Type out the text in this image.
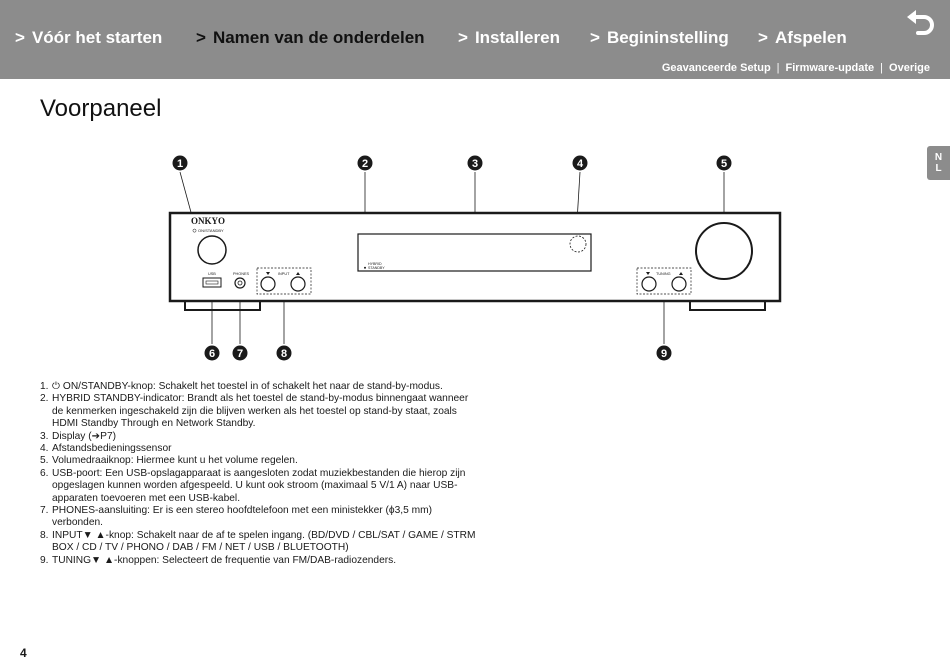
> Vóór het starten > Namen van de onderdelen > Installeren > Begininstelling > Afspelen
Geavanceerde Setup | Firmware-update | Overige
Voorpaneel
N
L
ONKYO
ON/STANDBY
HYBRID
STANDBY
USB	PHONES	INPUT	TUNING
1	2	3	4	5
6 7	8	9
1. ⏻ ON/STANDBY-knop: Schakelt het toestel in of schakelt het naar de stand-by-modus.
2. HYBRID STANDBY-indicator: Brandt als het toestel de stand-by-modus binnengaat wanneer de kenmerken ingeschakeld zijn die blijven werken als het toestel op stand-by staat, zoals HDMI Standby Through en Network Standby.
3. Display (➔P7)
4. Afstandsbedieningssensor
5. Volumedraaiknop: Hiermee kunt u het volume regelen.
6. USB-poort: Een USB-opslagapparaat is aangesloten zodat muziekbestanden die hierop zijn opgeslagen kunnen worden afgespeeld. U kunt ook stroom (maximaal 5 V/1 A) naar USB-apparaten toevoeren met een USB-kabel.
7. PHONES-aansluiting: Er is een stereo hoofdtelefoon met een ministekker (ϕ3,5 mm) verbonden.
8. INPUT▼ ▲-knop: Schakelt naar de af te spelen ingang. (BD/DVD / CBL/SAT / GAME / STRM BOX / CD / TV / PHONO / DAB / FM / NET / USB / BLUETOOTH)
9. TUNING▼ ▲-knoppen: Selecteert de frequentie van FM/DAB-radiozenders.
4
